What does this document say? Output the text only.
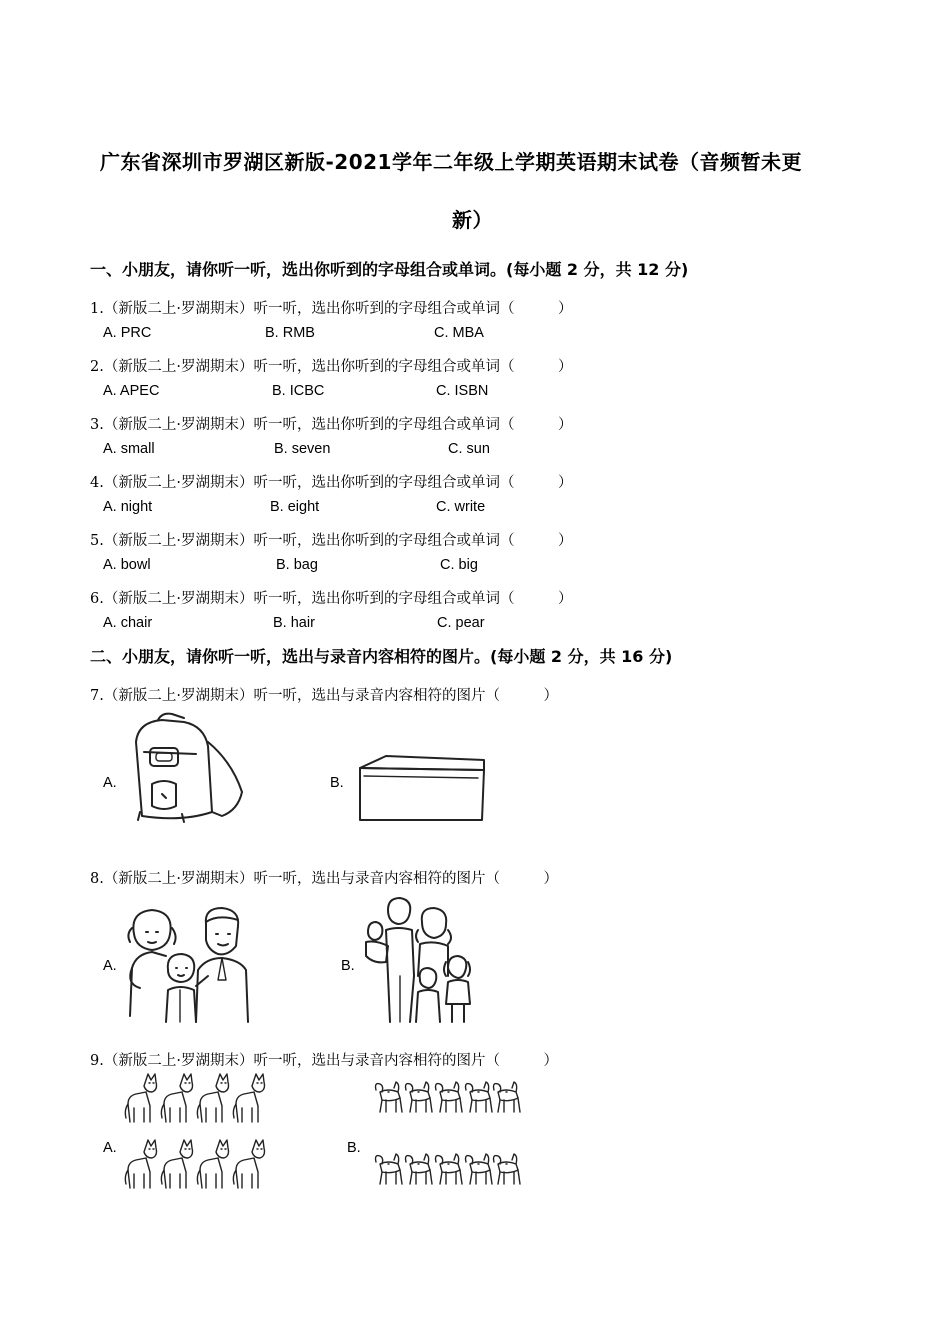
广东省深圳市罗湖区新版-2021学年二年级上学期英语期末试卷（音频暂未更
新）
一、小朋友，请你听一听，选出你听到的字母组合或单词。(每小题 2 分，共 12 分)
1.（新版二上·罗湖期末）听一听，选出你听到的字母组合或单词（　　　）
A. PRC	B. RMB	C. MBA
2.（新版二上·罗湖期末）听一听，选出你听到的字母组合或单词（　　　）
A. APEC	B. ICBC	C. ISBN
3.（新版二上·罗湖期末）听一听，选出你听到的字母组合或单词（　　　）
A. small	B. seven	C. sun
4.（新版二上·罗湖期末）听一听，选出你听到的字母组合或单词（　　　）
A. night	B. eight	C. write
5.（新版二上·罗湖期末）听一听，选出你听到的字母组合或单词（　　　）
A. bowl	B. bag	C. big
6.（新版二上·罗湖期末）听一听，选出你听到的字母组合或单词（　　　）
A. chair	B. hair	C. pear
二、小朋友，请你听一听，选出与录音内容相符的图片。(每小题 2 分，共 16 分)
7.（新版二上·罗湖期末）听一听，选出与录音内容相符的图片（　　　）
A.	B.
8.（新版二上·罗湖期末）听一听，选出与录音内容相符的图片（　　　）
A.	B.
9.（新版二上·罗湖期末）听一听，选出与录音内容相符的图片（　　　）
A.	B.
